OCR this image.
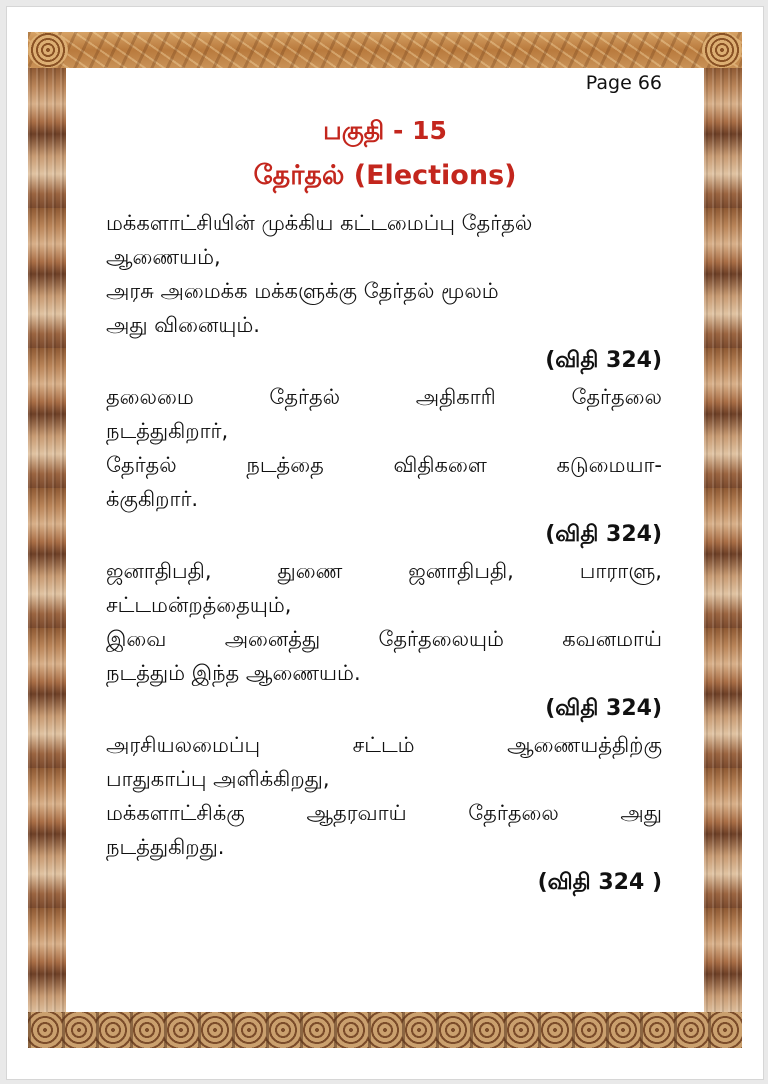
Page 66
பகுதி - 15
தேர்தல் (Elections)
மக்களாட்சியின் முக்கிய கட்டமைப்பு தேர்தல்
ஆணையம்,
அரசு அமைக்க மக்களுக்கு தேர்தல் மூலம்
அது வினையும்.
(விதி 324)
தலைமை தேர்தல் அதிகாரி தேர்தலை
நடத்துகிறார்,
தேர்தல் நடத்தை விதிகளை கடுமையா-
க்குகிறார்.
(விதி 324)
ஜனாதிபதி, துணை ஜனாதிபதி, பாராளு,
சட்டமன்றத்தையும்,
இவை அனைத்து தேர்தலையும் கவனமாய்
நடத்தும் இந்த ஆணையம்.
(விதி 324)
அரசியலமைப்பு சட்டம் ஆணையத்திற்கு
பாதுகாப்பு அளிக்கிறது,
மக்களாட்சிக்கு ஆதரவாய் தேர்தலை அது
நடத்துகிறது.
(விதி 324 )
